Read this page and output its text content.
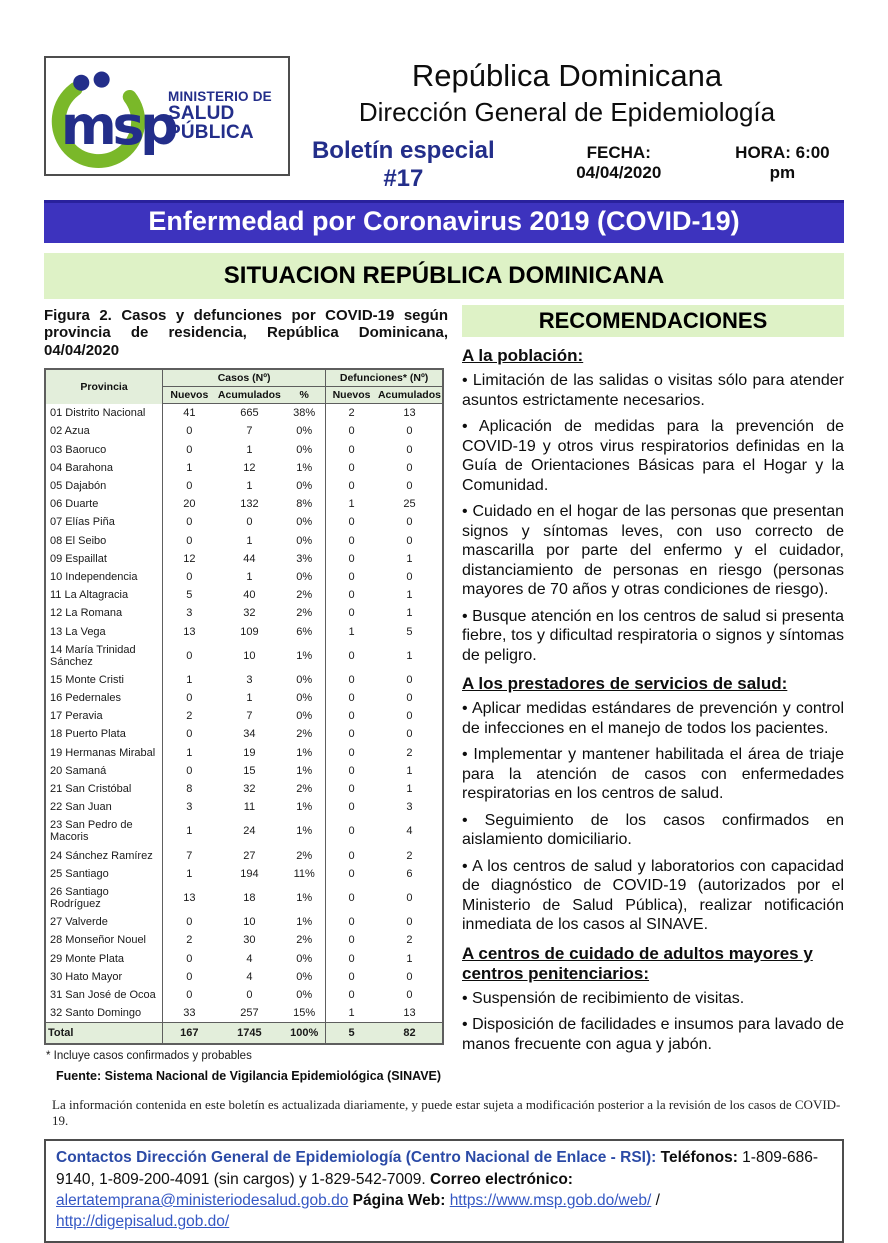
msp
MINISTERIO DE
SALUD PÚBLICA
República Dominicana
Dirección General de Epidemiología
Boletín especial #17
FECHA: 04/04/2020
HORA: 6:00 pm
Enfermedad por Coronavirus 2019 (COVID-19)
SITUACION REPÚBLICA DOMINICANA

Figura 2. Casos y defunciones por COVID-19 según provincia de residencia, República Dominicana, 04/04/2020

Provincia	Casos (Nº)			Defunciones* (Nº)	
	Nuevos	Acumulados	%	Nuevos	Acumulados
01 Distrito Nacional	41	665	38%	2	13
02 Azua	0	7	0%	0	0
03 Baoruco	0	1	0%	0	0
04 Barahona	1	12	1%	0	0
05 Dajabón	0	1	0%	0	0
06 Duarte	20	132	8%	1	25
07 Elías Piña	0	0	0%	0	0
08 El Seibo	0	1	0%	0	0
09 Espaillat	12	44	3%	0	1
10 Independencia	0	1	0%	0	0
11 La Altagracia	5	40	2%	0	1
12 La Romana	3	32	2%	0	1
13 La Vega	13	109	6%	1	5
14 María Trinidad Sánchez	0	10	1%	0	1
15 Monte Cristi	1	3	0%	0	0
16 Pedernales	0	1	0%	0	0
17 Peravia	2	7	0%	0	0
18 Puerto Plata	0	34	2%	0	0
19 Hermanas Mirabal	1	19	1%	0	2
20 Samaná	0	15	1%	0	1
21 San Cristóbal	8	32	2%	0	1
22 San Juan	3	11	1%	0	3
23 San Pedro de Macoris	1	24	1%	0	4
24 Sánchez Ramírez	7	27	2%	0	2
25 Santiago	1	194	11%	0	6
26 Santiago Rodríguez	13	18	1%	0	0
27 Valverde	0	10	1%	0	0
28 Monseñor Nouel	2	30	2%	0	2
29 Monte Plata	0	4	0%	0	1
30 Hato Mayor	0	4	0%	0	0
31 San José de Ocoa	0	0	0%	0	0
32 Santo Domingo	33	257	15%	1	13
Total	167	1745	100%	5	82

* Incluye casos confirmados y probables

Fuente: Sistema Nacional de Vigilancia Epidemiológica (SINAVE)

RECOMENDACIONES
A la población:

• Limitación de las salidas o visitas sólo para atender asuntos estrictamente necesarios.

• Aplicación de medidas para la prevención de COVID-19 y otros virus respiratorios definidas en la Guía de Orientaciones Básicas para el Hogar y la Comunidad.

• Cuidado en el hogar de las personas que presentan signos y síntomas leves, con uso correcto de mascarilla por parte del enfermo y el cuidador, distanciamiento de personas en riesgo (personas mayores de 70 años y otras condiciones de riesgo).

• Busque atención en los centros de salud si presenta fiebre, tos y dificultad respiratoria o signos y síntomas de peligro.

A los prestadores de servicios de salud:

• Aplicar medidas estándares de prevención y control de infecciones en el manejo de todos los pacientes.

• Implementar y mantener habilitada el área de triaje para la atención de casos con enfermedades respiratorias en los centros de salud.

• Seguimiento de los casos confirmados en aislamiento domiciliario.

• A los centros de salud y laboratorios con capacidad de diagnóstico de COVID-19 (autorizados por el Ministerio de Salud Pública), realizar notificación inmediata de los casos al SINAVE.

A centros de cuidado de adultos mayores y centros penitenciarios:

• Suspensión de recibimiento de visitas.

• Disposición de facilidades e insumos para lavado de manos frecuente con agua y jabón.

La información contenida en este boletín es actualizada diariamente, y puede estar sujeta a modificación posterior a la revisión de los casos de COVID-19.

Contactos Dirección General de Epidemiología (Centro Nacional de Enlace - RSI): Teléfonos: 1-809-686-9140, 1-809-200-4091 (sin cargos) y 1-829-542-7009. Correo electrónico: alertatemprana@ministeriodesalud.gob.do Página Web: https://www.msp.gob.do/web/ / http://digepisalud.gob.do/
